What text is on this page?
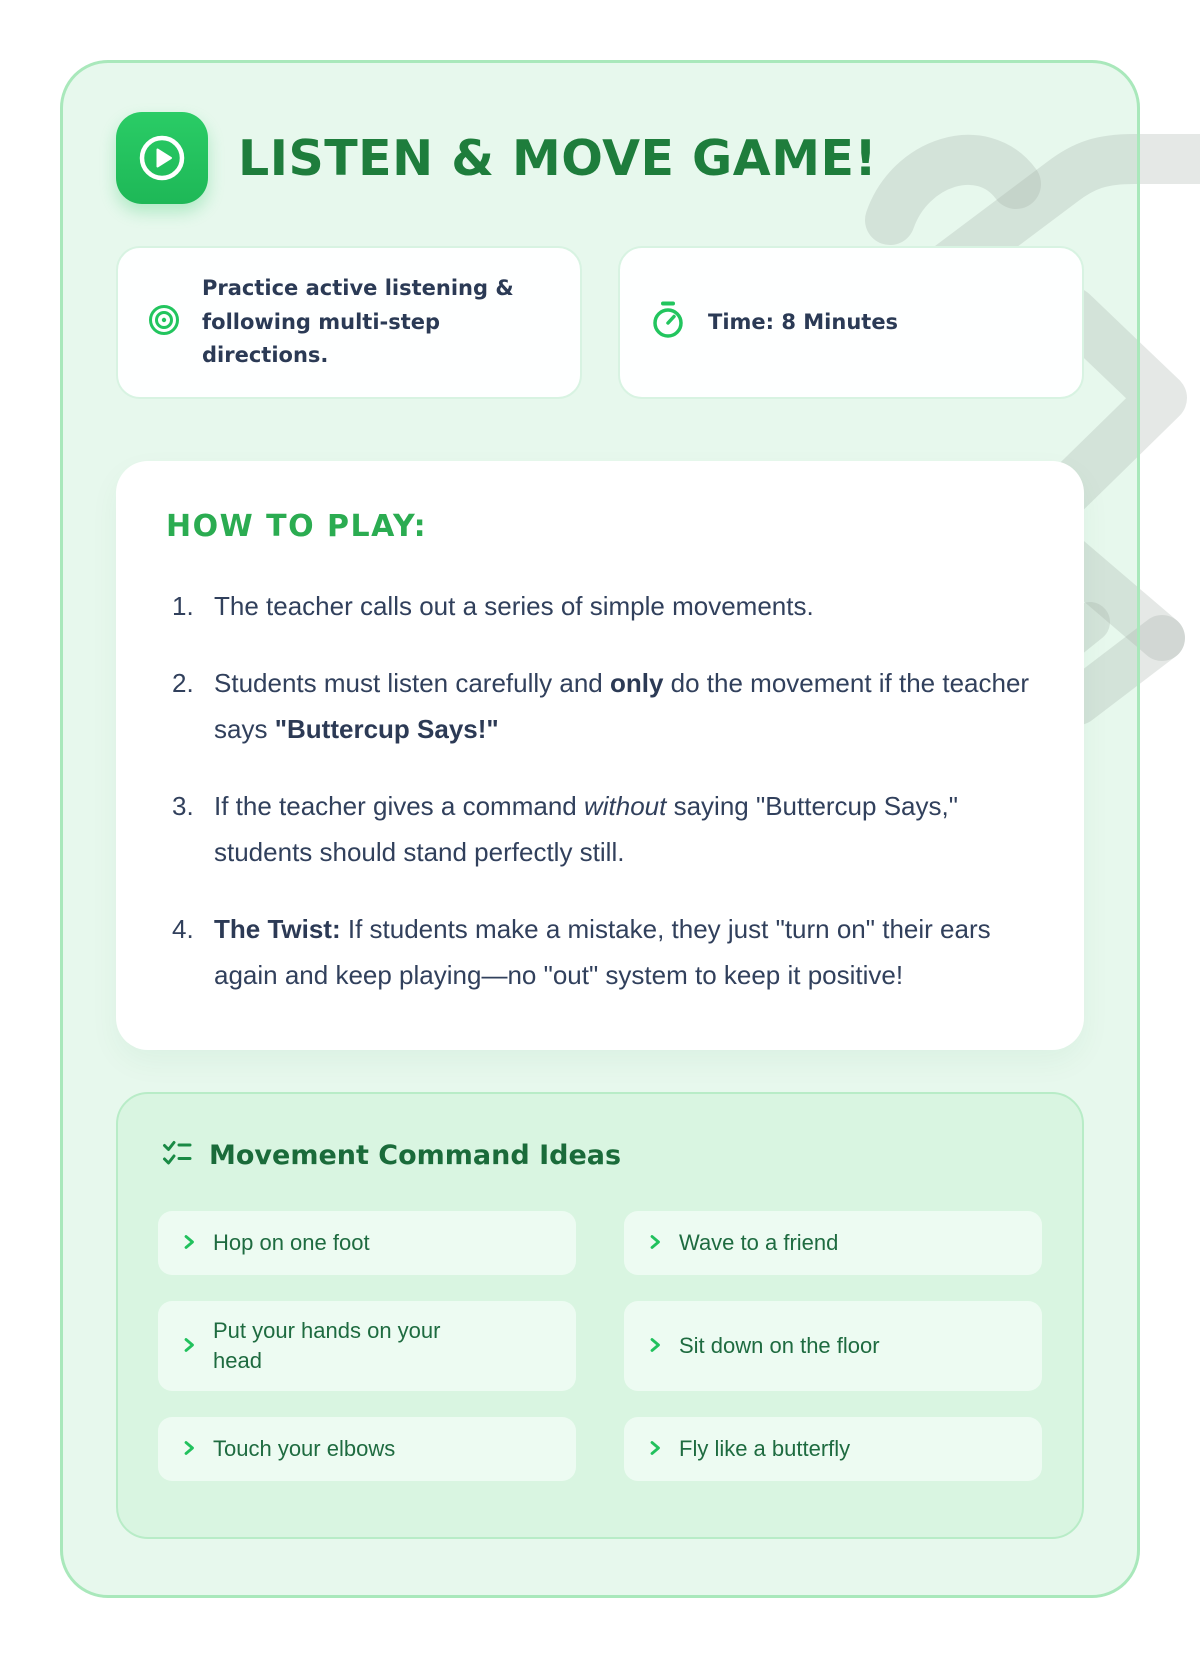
LISTEN & MOVE GAME!
Practice active listening & following multi-step directions.
Time: 8 Minutes
HOW TO PLAY:
1. The teacher calls out a series of simple movements.
2. Students must listen carefully and only do the movement if the teacher says "Buttercup Says!"
3. If the teacher gives a command without saying "Buttercup Says," students should stand perfectly still.
4. The Twist: If students make a mistake, they just "turn on" their ears again and keep playing—no "out" system to keep it positive!
Movement Command Ideas
Hop on one foot	Wave to a friend
Put your hands on your head
Sit down on the floor
Touch your elbows	Fly like a butterfly
